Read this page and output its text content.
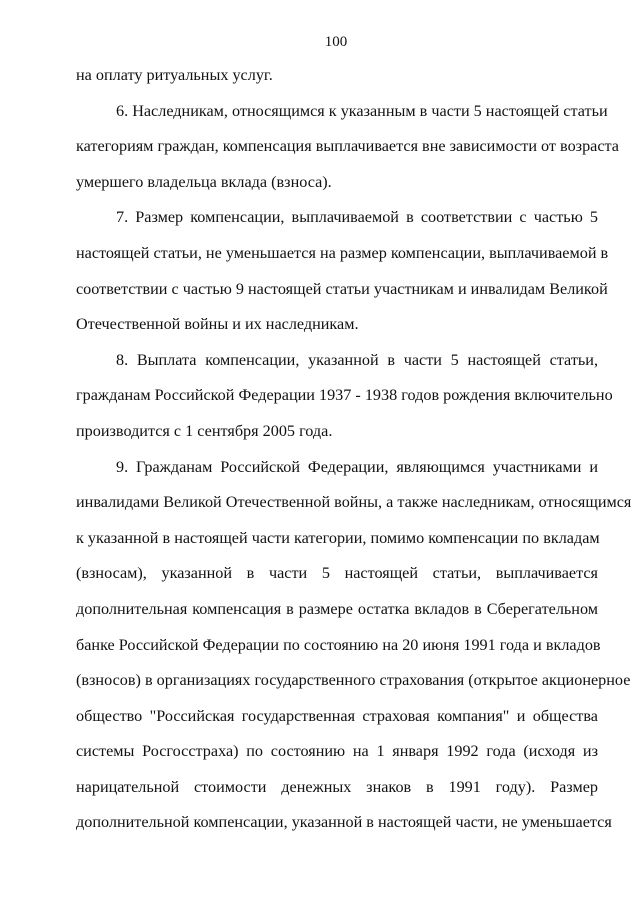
100
на оплату ритуальных услуг.
6. Наследникам, относящимся к указанным в части 5 настоящей статьи
категориям граждан, компенсация выплачивается вне зависимости от возраста
умершего владельца вклада (взноса).
7. Размер компенсации, выплачиваемой в соответствии с частью 5
настоящей статьи, не уменьшается на размер компенсации, выплачиваемой в
соответствии с частью 9 настоящей статьи участникам и инвалидам Великой
Отечественной войны и их наследникам.
8. Выплата компенсации, указанной в части 5 настоящей статьи,
гражданам Российской Федерации 1937 - 1938 годов рождения включительно
производится с 1 сентября 2005 года.
9. Гражданам Российской Федерации, являющимся участниками и
инвалидами Великой Отечественной войны, а также наследникам, относящимся
к указанной в настоящей части категории, помимо компенсации по вкладам
(взносам), указанной в части 5 настоящей статьи, выплачивается
дополнительная компенсация в размере остатка вкладов в Сберегательном
банке Российской Федерации по состоянию на 20 июня 1991 года и вкладов
(взносов) в организациях государственного страхования (открытое акционерное
общество "Российская государственная страховая компания" и общества
системы Росгосстраха) по состоянию на 1 января 1992 года (исходя из
нарицательной стоимости денежных знаков в 1991 году). Размер
дополнительной компенсации, указанной в настоящей части, не уменьшается
